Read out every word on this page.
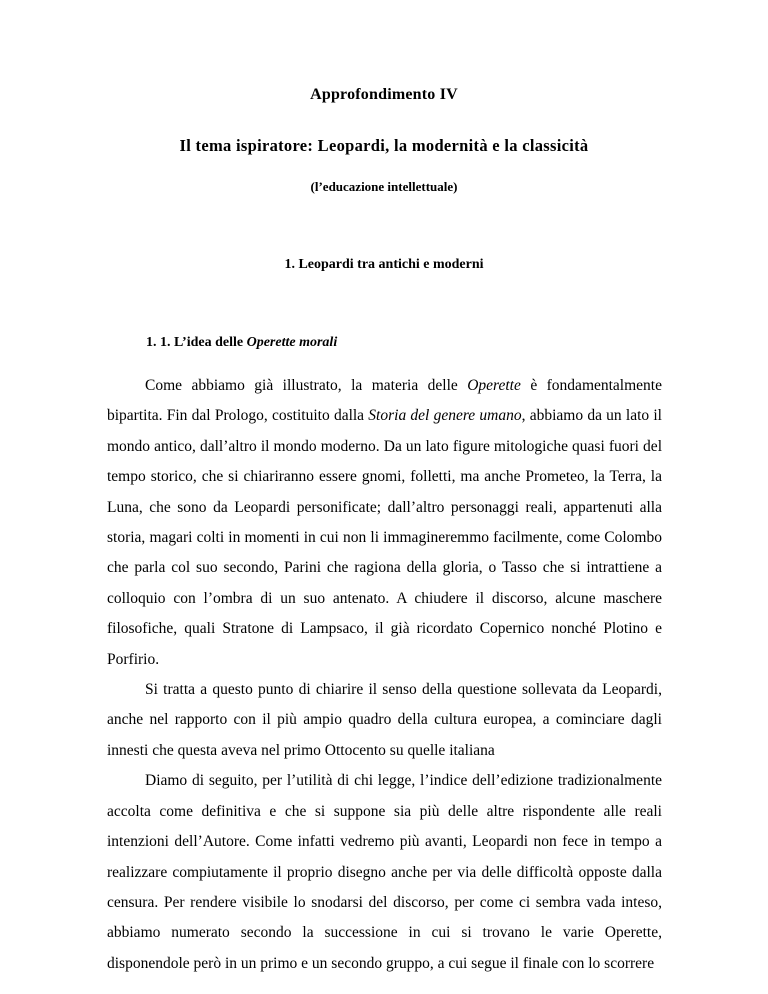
Approfondimento IV
Il tema ispiratore: Leopardi, la modernità e la classicità
(l’educazione intellettuale)
1. Leopardi tra antichi e moderni
1. 1. L’idea delle Operette morali

Come abbiamo già illustrato, la materia delle Operette è fondamentalmente bipartita. Fin dal Prologo, costituito dalla Storia del genere umano, abbiamo da un lato il mondo antico, dall’altro il mondo moderno. Da un lato figure mitologiche quasi fuori del tempo storico, che si chiariranno essere gnomi, folletti, ma anche Prometeo, la Terra, la Luna, che sono da Leopardi personificate; dall’altro personaggi reali, appartenuti alla storia, magari colti in momenti in cui non li immagineremmo facilmente, come Colombo che parla col suo secondo, Parini che ragiona della gloria, o Tasso che si intrattiene a colloquio con l’ombra di un suo antenato. A chiudere il discorso, alcune maschere filosofiche, quali Stratone di Lampsaco, il già ricordato Copernico nonché Plotino e Porfirio.

Si tratta a questo punto di chiarire il senso della questione sollevata da Leopardi, anche nel rapporto con il più ampio quadro della cultura europea, a cominciare dagli innesti che questa aveva nel primo Ottocento su quelle italiana

Diamo di seguito, per l’utilità di chi legge, l’indice dell’edizione tradizionalmente accolta come definitiva e che si suppone sia più delle altre rispondente alle reali intenzioni dell’Autore. Come infatti vedremo più avanti, Leopardi non fece in tempo a realizzare compiutamente il proprio disegno anche per via delle difficoltà opposte dalla censura. Per rendere visibile lo snodarsi del discorso, per come ci sembra vada inteso, abbiamo numerato secondo la successione in cui si trovano le varie Operette, disponendole però in un primo e un secondo gruppo, a cui segue il finale con lo scorrere
